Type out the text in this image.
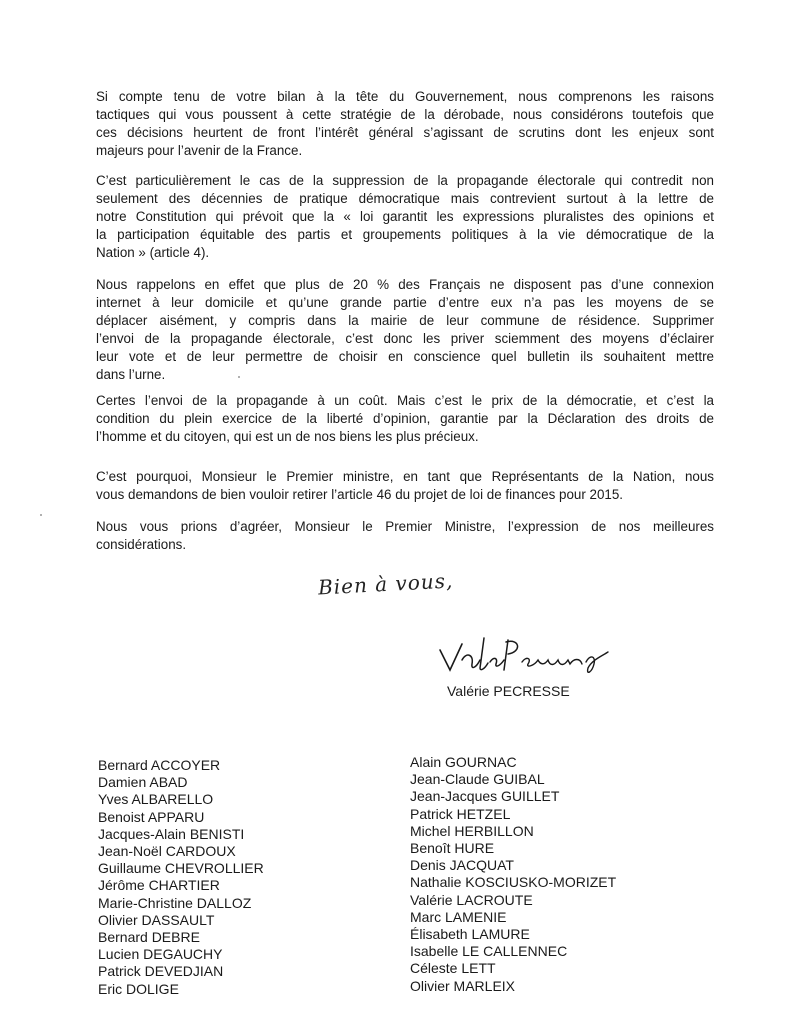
Si compte tenu de votre bilan à la tête du Gouvernement, nous comprenons les raisons
tactiques qui vous poussent à cette stratégie de la dérobade, nous considérons toutefois que
ces décisions heurtent de front l’intérêt général s’agissant de scrutins dont les enjeux sont
majeurs pour l’avenir de la France.
C’est particulièrement le cas de la suppression de la propagande électorale qui contredit non
seulement des décennies de pratique démocratique mais contrevient surtout à la lettre de
notre Constitution qui prévoit que la « loi garantit les expressions pluralistes des opinions et
la participation équitable des partis et groupements politiques à la vie démocratique de la
Nation » (article 4).
Nous rappelons en effet que plus de 20 % des Français ne disposent pas d’une connexion
internet à leur domicile et qu’une grande partie d’entre eux n’a pas les moyens de se
déplacer aisément, y compris dans la mairie de leur commune de résidence. Supprimer
l’envoi de la propagande électorale, c’est donc les priver sciemment des moyens d’éclairer
leur vote et de leur permettre de choisir en conscience quel bulletin ils souhaitent mettre
dans l’urne.
Certes l’envoi de la propagande à un coût. Mais c’est le prix de la démocratie, et c’est la
condition du plein exercice de la liberté d’opinion, garantie par la Déclaration des droits de
l’homme et du citoyen, qui est un de nos biens les plus précieux.
C’est pourquoi, Monsieur le Premier ministre, en tant que Représentants de la Nation, nous
vous demandons de bien vouloir retirer l’article 46 du projet de loi de finances pour 2015.
Nous vous prions d’agréer, Monsieur le Premier Ministre, l’expression de nos meilleures
considérations.
Bien à vous,
Valérie PECRESSE
Bernard ACCOYER
Damien ABAD
Yves ALBARELLO
Benoist APPARU
Jacques-Alain BENISTI
Jean-Noël CARDOUX
Guillaume CHEVROLLIER
Jérôme CHARTIER
Marie-Christine DALLOZ
Olivier DASSAULT
Bernard DEBRE
Lucien DEGAUCHY
Patrick DEVEDJIAN
Eric DOLIGE
Alain GOURNAC
Jean-Claude GUIBAL
Jean-Jacques GUILLET
Patrick HETZEL
Michel HERBILLON
Benoît HURE
Denis JACQUAT
Nathalie KOSCIUSKO-MORIZET
Valérie LACROUTE
Marc LAMENIE
Élisabeth LAMURE
Isabelle LE CALLENNEC
Céleste LETT
Olivier MARLEIX
